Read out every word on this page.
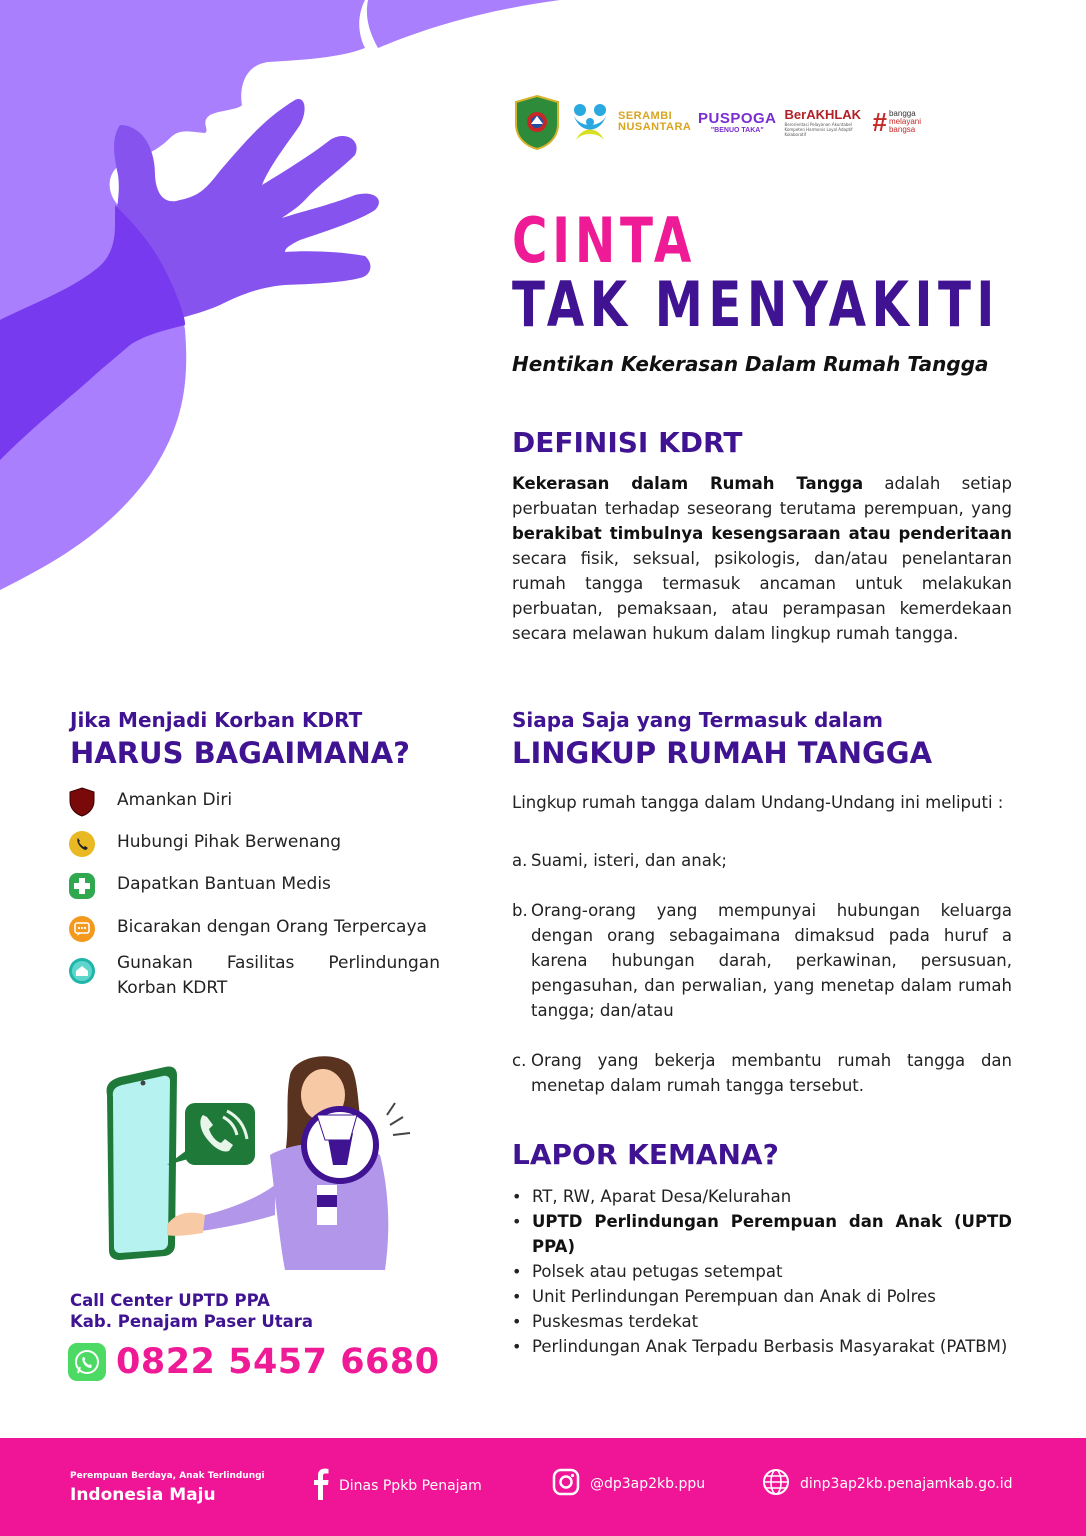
SERAMBI NUSANTARA PUSPOGA
"BENUO TAKA"
BerAKHLAK
Berorientasi Pelayanan Akuntabel Kompeten Harmonis Loyal Adaptif Kolaboratif	# bangga
melayani
bangsa
CINTA
TAK MENYAKITI
Hentikan Kekerasan Dalam Rumah Tangga
DEFINISI KDRT
Kekerasan dalam Rumah Tangga adalah setiap perbuatan terhadap seseorang terutama perempuan, yang berakibat timbulnya kesengsaraan atau penderitaan secara fisik, seksual, psikologis, dan/atau penelantaran rumah tangga termasuk ancaman untuk melakukan perbuatan, pemaksaan, atau perampasan kemerdekaan secara melawan hukum dalam lingkup rumah tangga.
Jika Menjadi Korban KDRT
HARUS BAGAIMANA?
Amankan Diri
Hubungi Pihak Berwenang
Dapatkan Bantuan Medis
Bicarakan dengan Orang Terpercaya
Gunakan Fasilitas Perlindungan Korban KDRT
Call Center UPTD PPA
Kab. Penajam Paser Utara
0822 5457 6680
Siapa Saja yang Termasuk dalam
LINGKUP RUMAH TANGGA
Lingkup rumah tangga dalam Undang-Undang ini meliputi :
a. Suami, isteri, dan anak;
b. Orang-orang yang mempunyai hubungan keluarga dengan orang sebagaimana dimaksud pada huruf a karena hubungan darah, perkawinan, persusuan, pengasuhan, dan perwalian, yang menetap dalam rumah tangga; dan/atau
c. Orang yang bekerja membantu rumah tangga dan menetap dalam rumah tangga tersebut.
LAPOR KEMANA?
• RT, RW, Aparat Desa/Kelurahan
• UPTD Perlindungan Perempuan dan Anak (UPTD PPA)
• Polsek atau petugas setempat
• Unit Perlindungan Perempuan dan Anak di Polres
• Puskesmas terdekat
• Perlindungan Anak Terpadu Berbasis Masyarakat (PATBM)
Perempuan Berdaya, Anak Terlindungi
Indonesia Maju	Dinas Ppkb Penajam	@dp3ap2kb.ppu	dinp3ap2kb.penajamkab.go.id
